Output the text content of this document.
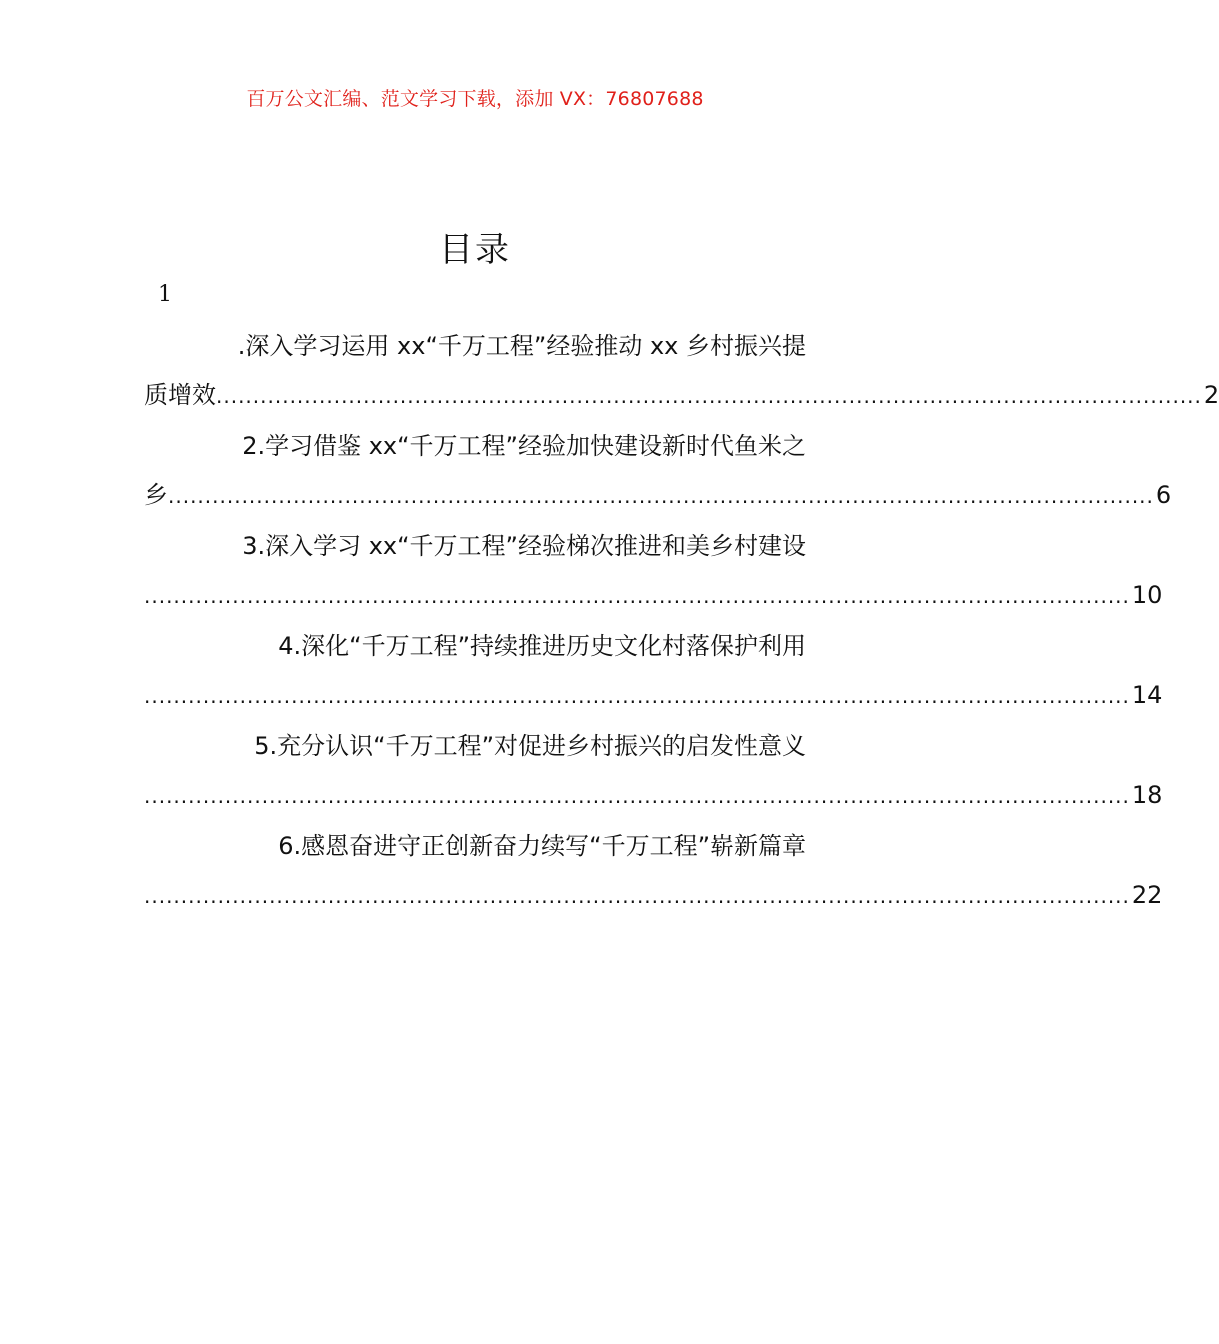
百万公文汇编、范文学习下载，添加 VX：76807688
目录
1
.深入学习运用 xx“千万工程”经验推动 xx 乡村振兴提
质增效 ...................................................................................................................................... 2
2.学习借鉴 xx“千万工程”经验加快建设新时代鱼米之
乡 ...................................................................................................................................... 6
3.深入学习 xx“千万工程”经验梯次推进和美乡村建设
...................................................................................................................................... 10
4.深化“千万工程”持续推进历史文化村落保护利用
...................................................................................................................................... 14
5.充分认识“千万工程”对促进乡村振兴的启发性意义
...................................................................................................................................... 18
6.感恩奋进守正创新奋力续写“千万工程”崭新篇章
...................................................................................................................................... 22
